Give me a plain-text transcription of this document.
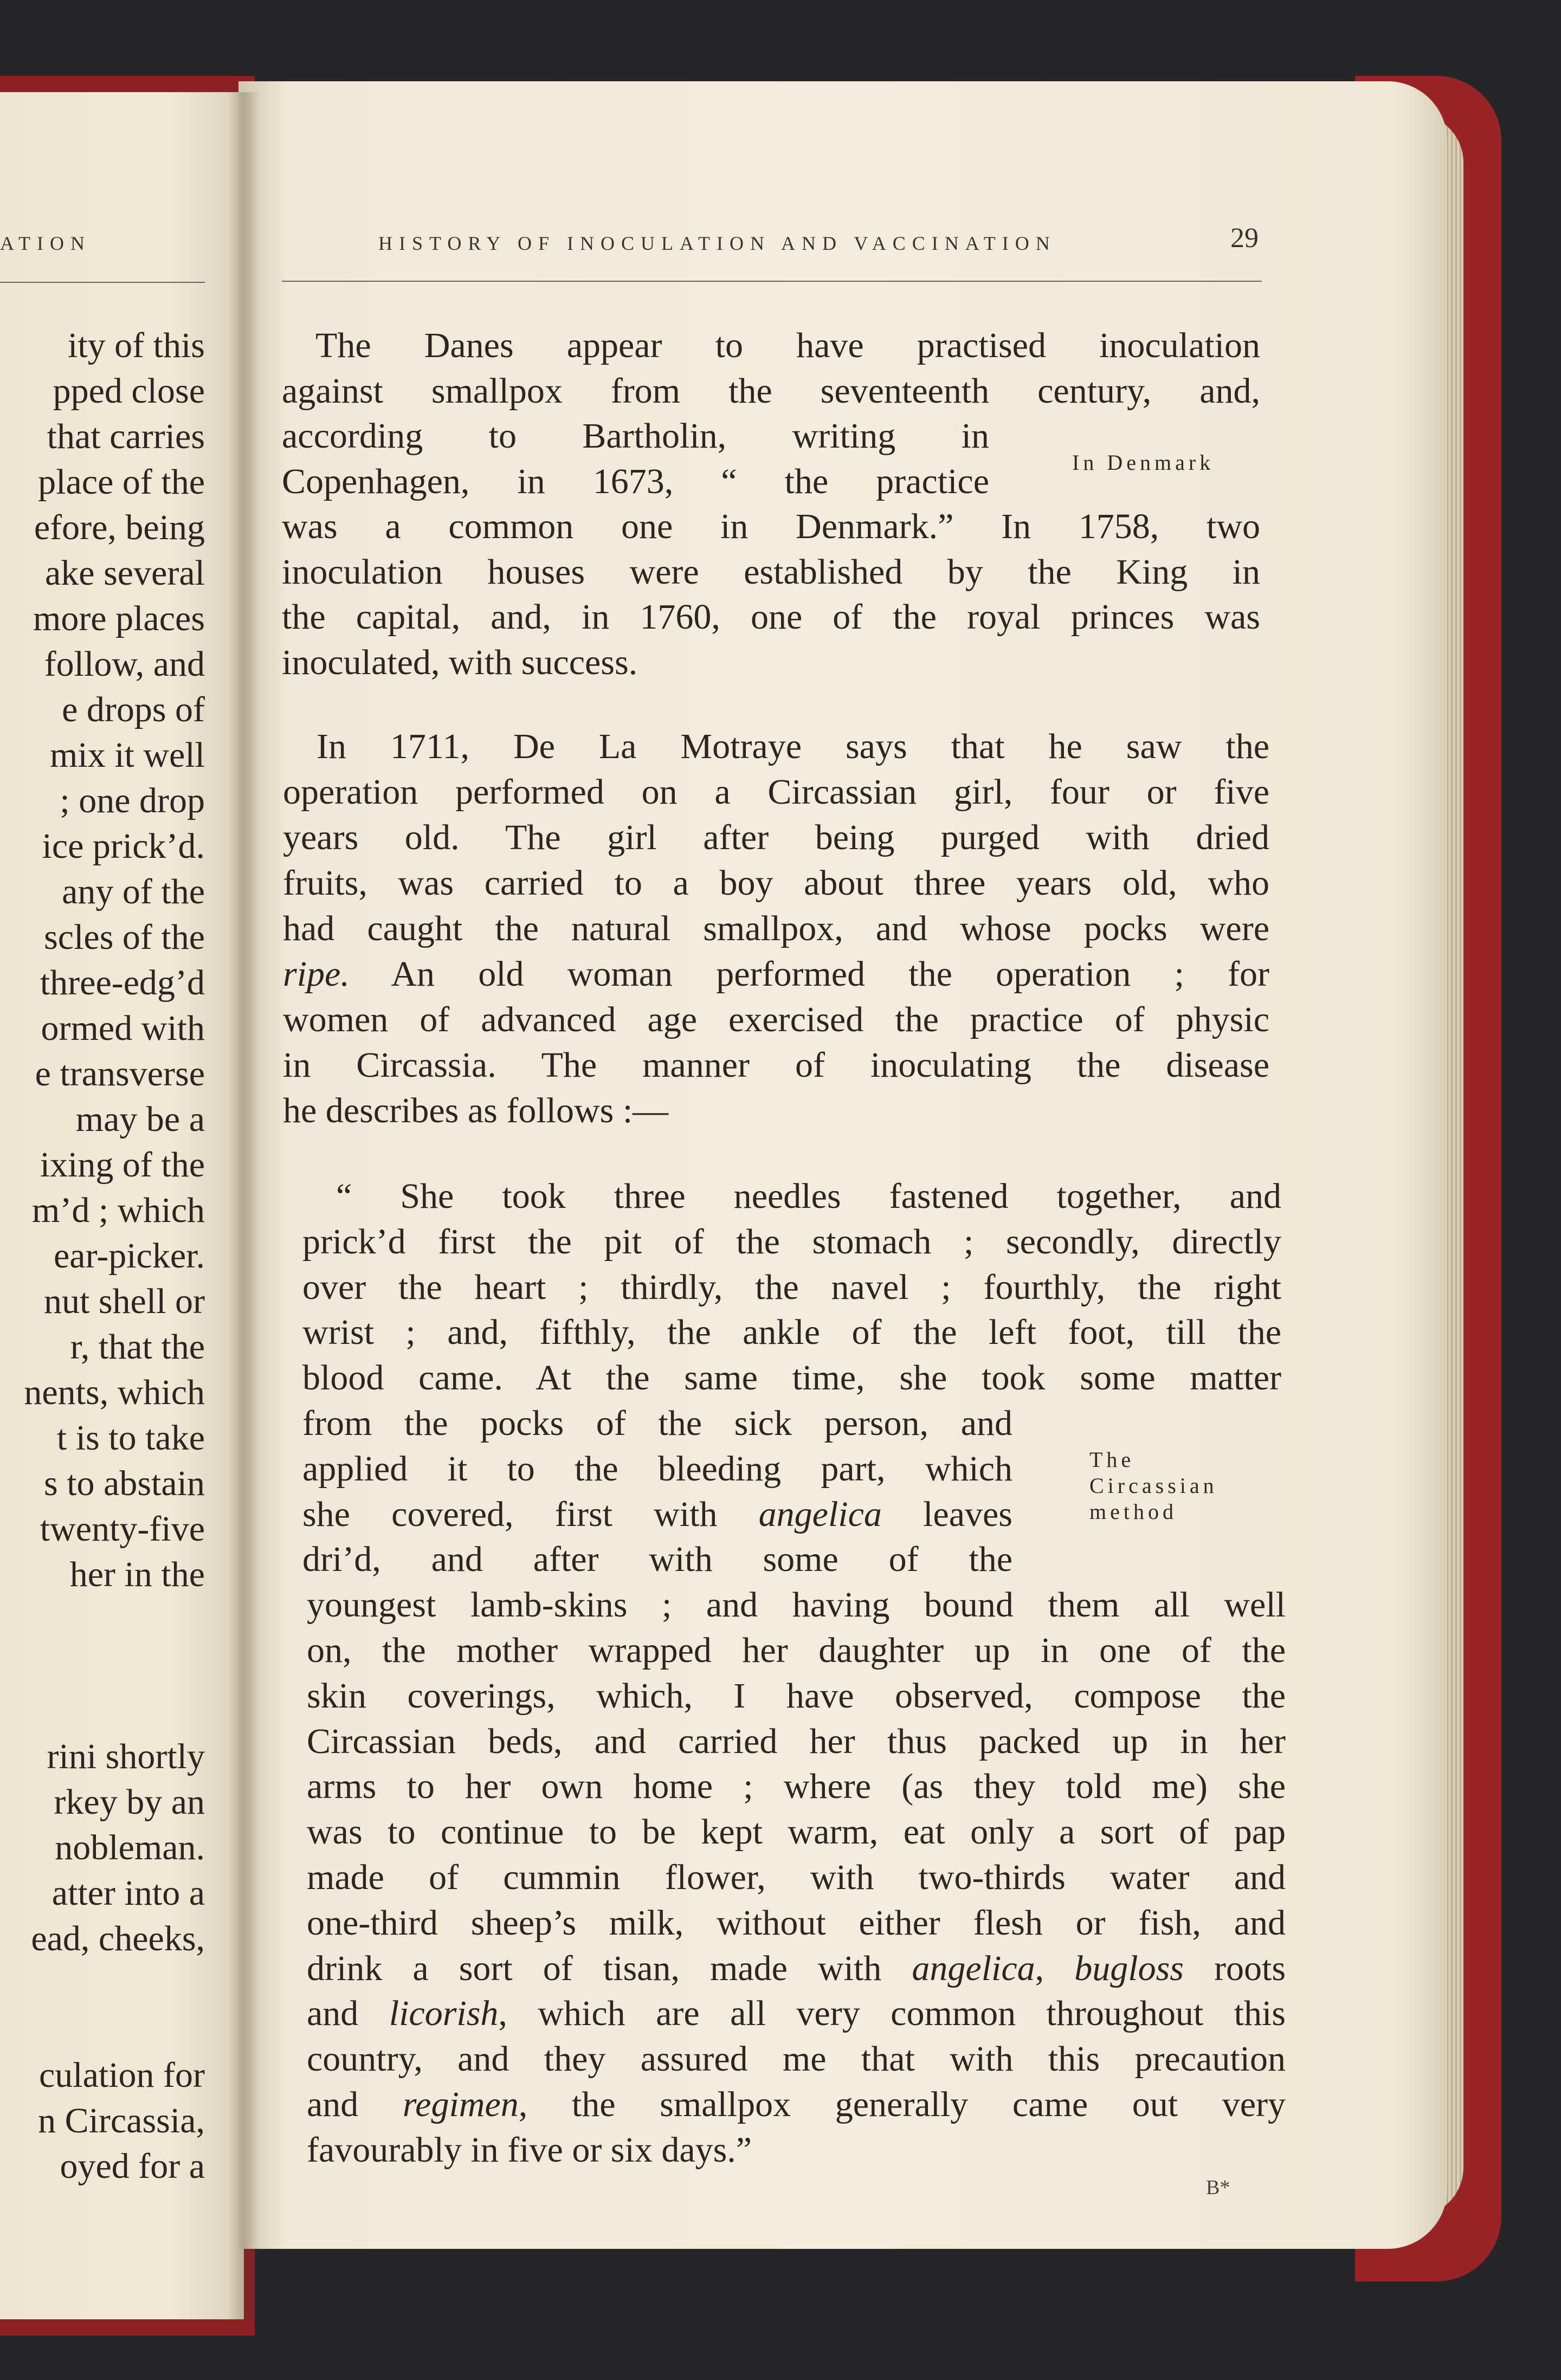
ATION	HISTORY OF INOCULATION AND VACCINATION	29
In Denmark
The
Circassian
method
B*
ity of this
pped close
that carries
place of the
efore, being
ake several
more places
follow, and
e drops of
mix it well
; one drop
ice prick’d.
any of the
scles of the
three-edg’d
ormed with
e transverse
may be a
ixing of the
m’d ; which
ear-picker.
nut shell or
r, that the
nents, which
t is to take
s to abstain
twenty-five
her in the
rini shortly
rkey by an
nobleman.
atter into a
ead, cheeks,
culation for
n Circassia,
oyed for a
The Danes appear to have practised inoculation
against smallpox from the seventeenth century, and,
according to Bartholin, writing in
Copenhagen, in 1673, “ the practice
was a common one in Denmark.” In 1758, two
inoculation houses were established by the King in
the capital, and, in 1760, one of the royal princes was
inoculated, with success.
In 1711, De La Motraye says that he saw the
operation performed on a Circassian girl, four or five
years old. The girl after being purged with dried
fruits, was carried to a boy about three years old, who
had caught the natural smallpox, and whose pocks were
ripe. An old woman performed the operation ; for
women of advanced age exercised the practice of physic
in Circassia. The manner of inoculating the disease
he describes as follows :—
“ She took three needles fastened together, and
prick’d first the pit of the stomach ; secondly, directly
over the heart ; thirdly, the navel ; fourthly, the right
wrist ; and, fifthly, the ankle of the left foot, till the
blood came. At the same time, she took some matter
from the pocks of the sick person, and
applied it to the bleeding part, which
she covered, first with angelica leaves
dri’d, and after with some of the
youngest lamb-skins ; and having bound them all well
on, the mother wrapped her daughter up in one of the
skin coverings, which, I have observed, compose the
Circassian beds, and carried her thus packed up in her
arms to her own home ; where (as they told me) she
was to continue to be kept warm, eat only a sort of pap
made of cummin flower, with two-thirds water and
one-third sheep’s milk, without either flesh or fish, and
drink a sort of tisan, made with angelica, bugloss roots
and licorish, which are all very common throughout this
country, and they assured me that with this precaution
and regimen, the smallpox generally came out very
favourably in five or six days.”
